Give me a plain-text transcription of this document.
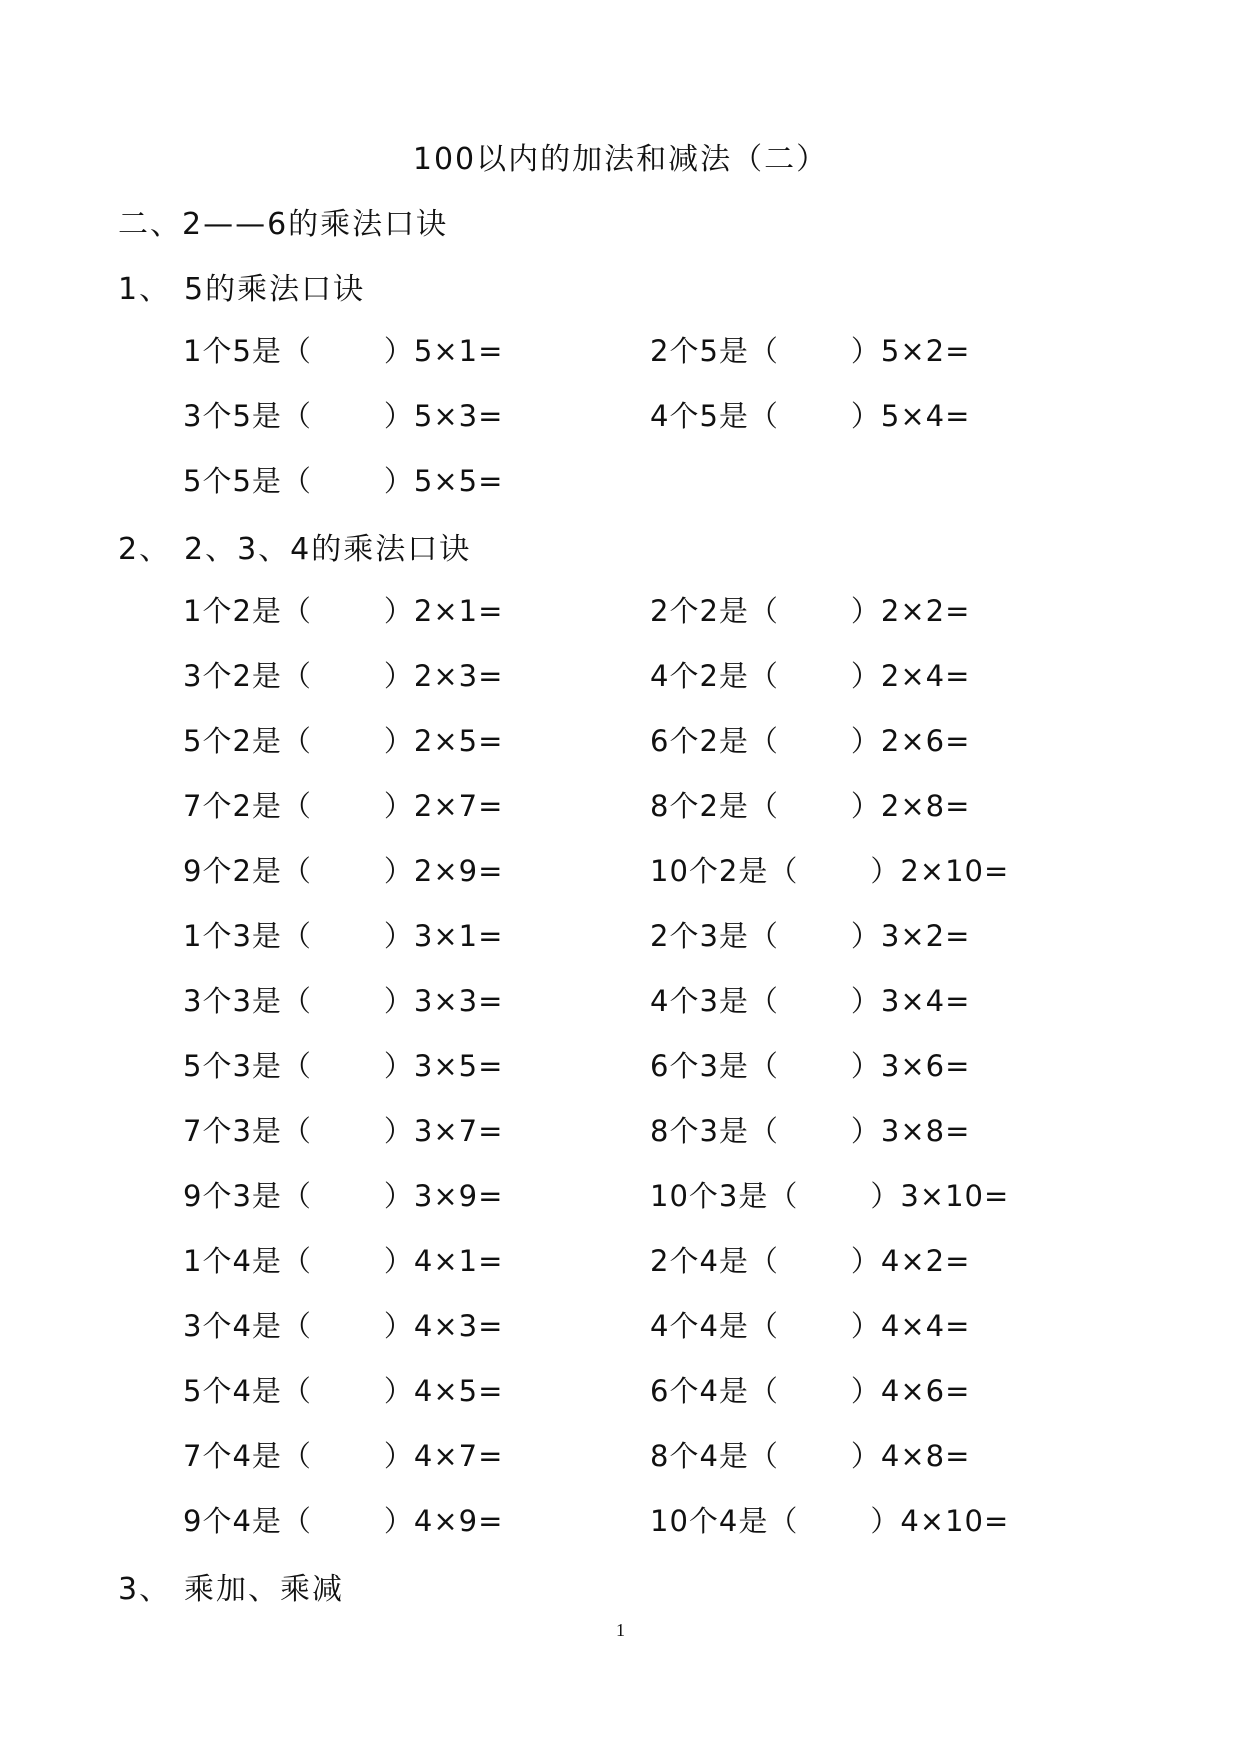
100以内的加法和减法（二）
二、2——6的乘法口诀
1、 5的乘法口诀
1个5是（ ）5×1=	2个5是（ ）5×2=
3个5是（ ）5×3=	4个5是（ ）5×4=
5个5是（ ）5×5=
2、 2、3、4的乘法口诀
1个2是（ ）2×1=	2个2是（ ）2×2=
3个2是（ ）2×3=	4个2是（ ）2×4=
5个2是（ ）2×5=	6个2是（ ）2×6=
7个2是（ ）2×7=	8个2是（ ）2×8=
9个2是（ ）2×9=	10个2是（ ）2×10=
1个3是（ ）3×1=	2个3是（ ）3×2=
3个3是（ ）3×3=	4个3是（ ）3×4=
5个3是（ ）3×5=	6个3是（ ）3×6=
7个3是（ ）3×7=	8个3是（ ）3×8=
9个3是（ ）3×9=	10个3是（ ）3×10=
1个4是（ ）4×1=	2个4是（ ）4×2=
3个4是（ ）4×3=	4个4是（ ）4×4=
5个4是（ ）4×5=	6个4是（ ）4×6=
7个4是（ ）4×7=	8个4是（ ）4×8=
9个4是（ ）4×9=	10个4是（ ）4×10=
3、 乘加、乘减
1
